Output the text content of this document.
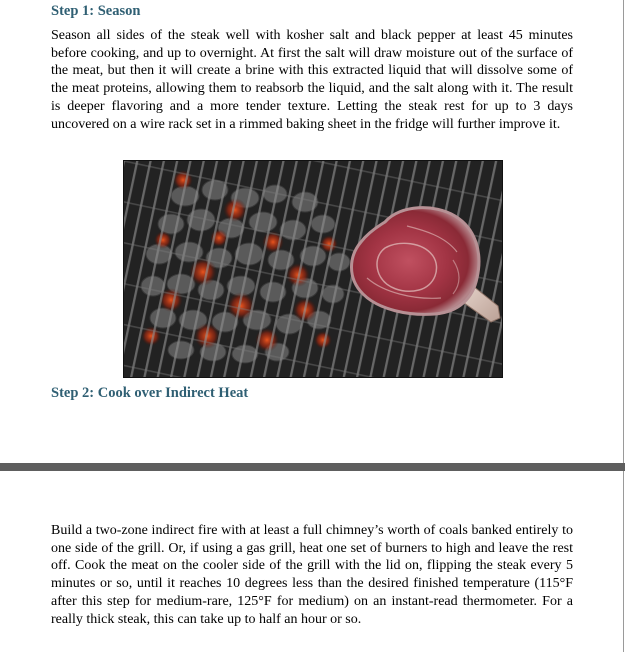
Step 1: Season

Season all sides of the steak well with kosher salt and black pepper at least 45 minutes before cooking, and up to overnight. At first the salt will draw moisture out of the surface of the meat, but then it will create a brine with this extracted liquid that will dissolve some of the meat proteins, allowing them to reabsorb the liquid, and the salt along with it. The result is deeper flavoring and a more tender texture. Letting the steak rest for up to 3 days uncovered on a wire rack set in a rimmed baking sheet in the fridge will further improve it.

Step 2: Cook over Indirect Heat

Build a two-zone indirect fire with at least a full chimney’s worth of coals banked entirely to one side of the grill. Or, if using a gas grill, heat one set of burners to high and leave the rest off. Cook the meat on the cooler side of the grill with the lid on, flipping the steak every 5 minutes or so, until it reaches 10 degrees less than the desired finished temperature (115°F after this step for medium-rare, 125°F for medium) on an instant-read thermometer. For a really thick steak, this can take up to half an hour or so.
